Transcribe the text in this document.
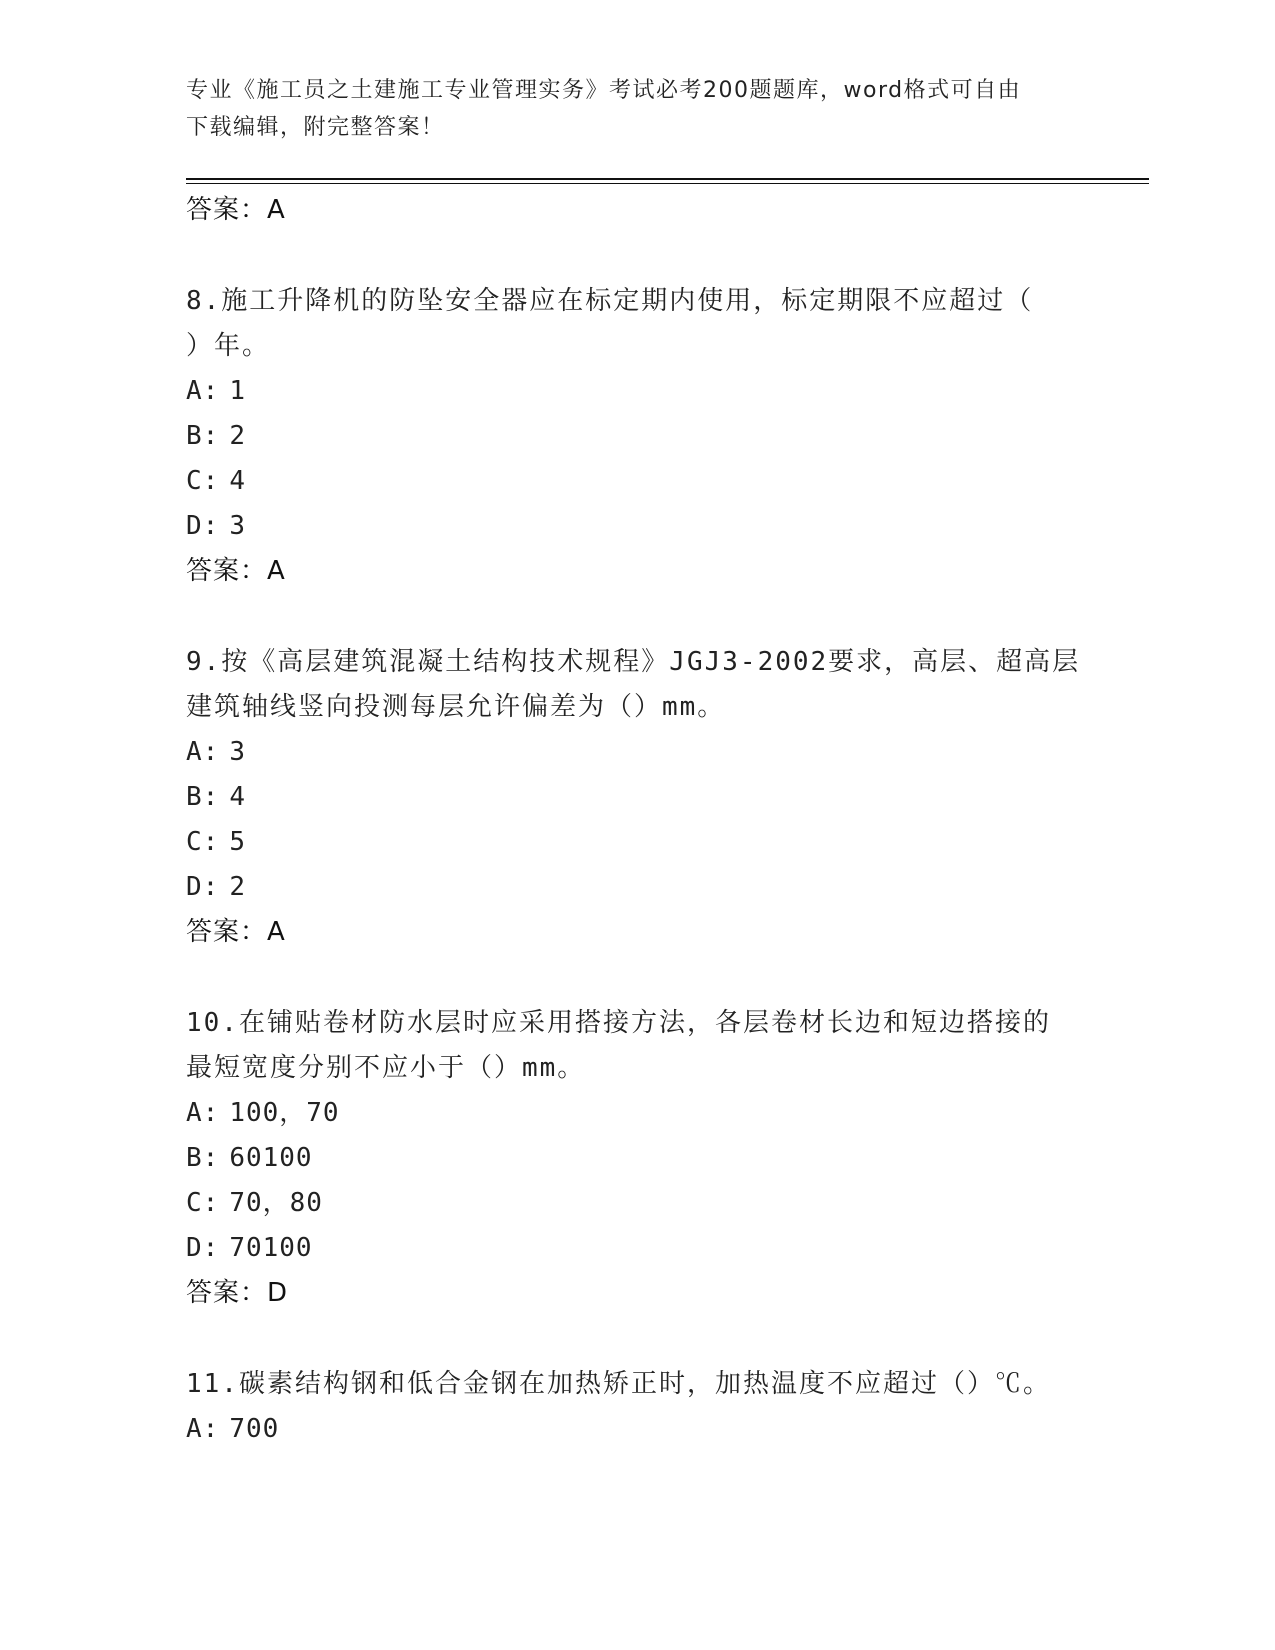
专业《施工员之土建施工专业管理实务》考试必考200题题库，word格式可自由
下载编辑，附完整答案！
答案：A
8.施工升降机的防坠安全器应在标定期内使用，标定期限不应超过（
）年。
A: 1
B: 2
C: 4
D: 3
答案：A
9.按《高层建筑混凝土结构技术规程》JGJ3-2002要求，高层、超高层
建筑轴线竖向投测每层允许偏差为（）mm。
A: 3
B: 4
C: 5
D: 2
答案：A
10.在铺贴卷材防水层时应采用搭接方法，各层卷材长边和短边搭接的
最短宽度分别不应小于（）mm。
A: 100，70
B: 60100
C: 70，80
D: 70100
答案：D
11.碳素结构钢和低合金钢在加热矫正时，加热温度不应超过（）℃。
A: 700
